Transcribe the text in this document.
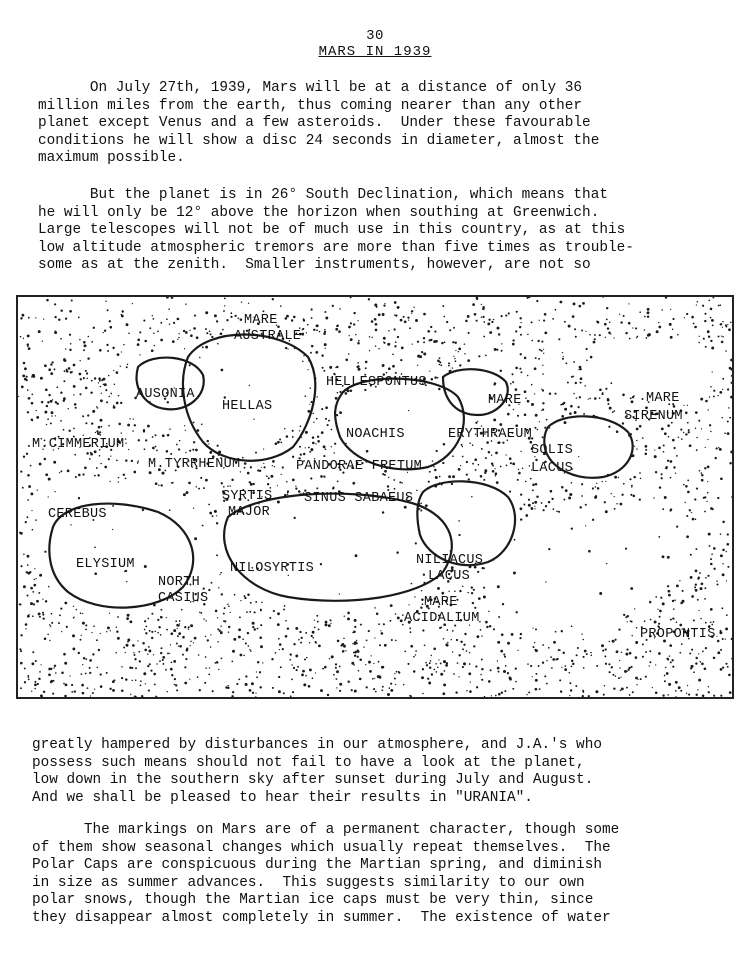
30
MARS IN 1939
On July 27th, 1939, Mars will be at a distance of only 36
million miles from the earth, thus coming nearer than any other
planet except Venus and a few asteroids.  Under these favourable
conditions he will show a disc 24 seconds in diameter, almost the
maximum possible.
But the planet is in 26° South Declination, which means that
he will only be 12° above the horizon when southing at Greenwich.
Large telescopes will not be of much use in this country, as at this
low altitude atmospheric tremors are more than five times as trouble-
some as at the zenith.  Smaller instruments, however, are not so
MARE
AUSTRALE
AUSONIA
HELLAS
HELLESPONTUS
MARE
SIRENUM
MARE
ERYTHRAEUM
NOACHIS
SOLIS
LACUS
M.CIMMERIUM
M.TYRRHENUM	PANDORAE FRETUM
SYRTIS
MAJOR
SINUS SABAEUS
CEREBUS
ELYSIUM	NILOSYRTIS
NORTH
CASIUS
NILIACUS
LACUS
MARE
ACIDALIUM
PROPONTIS
greatly hampered by disturbances in our atmosphere, and J.A.'s who
possess such means should not fail to have a look at the planet,
low down in the southern sky after sunset during July and August.
And we shall be pleased to hear their results in "URANIA".
The markings on Mars are of a permanent character, though some
of them show seasonal changes which usually repeat themselves.  The
Polar Caps are conspicuous during the Martian spring, and diminish
in size as summer advances.  This suggests similarity to our own
polar snows, though the Martian ice caps must be very thin, since
they disappear almost completely in summer.  The existence of water
